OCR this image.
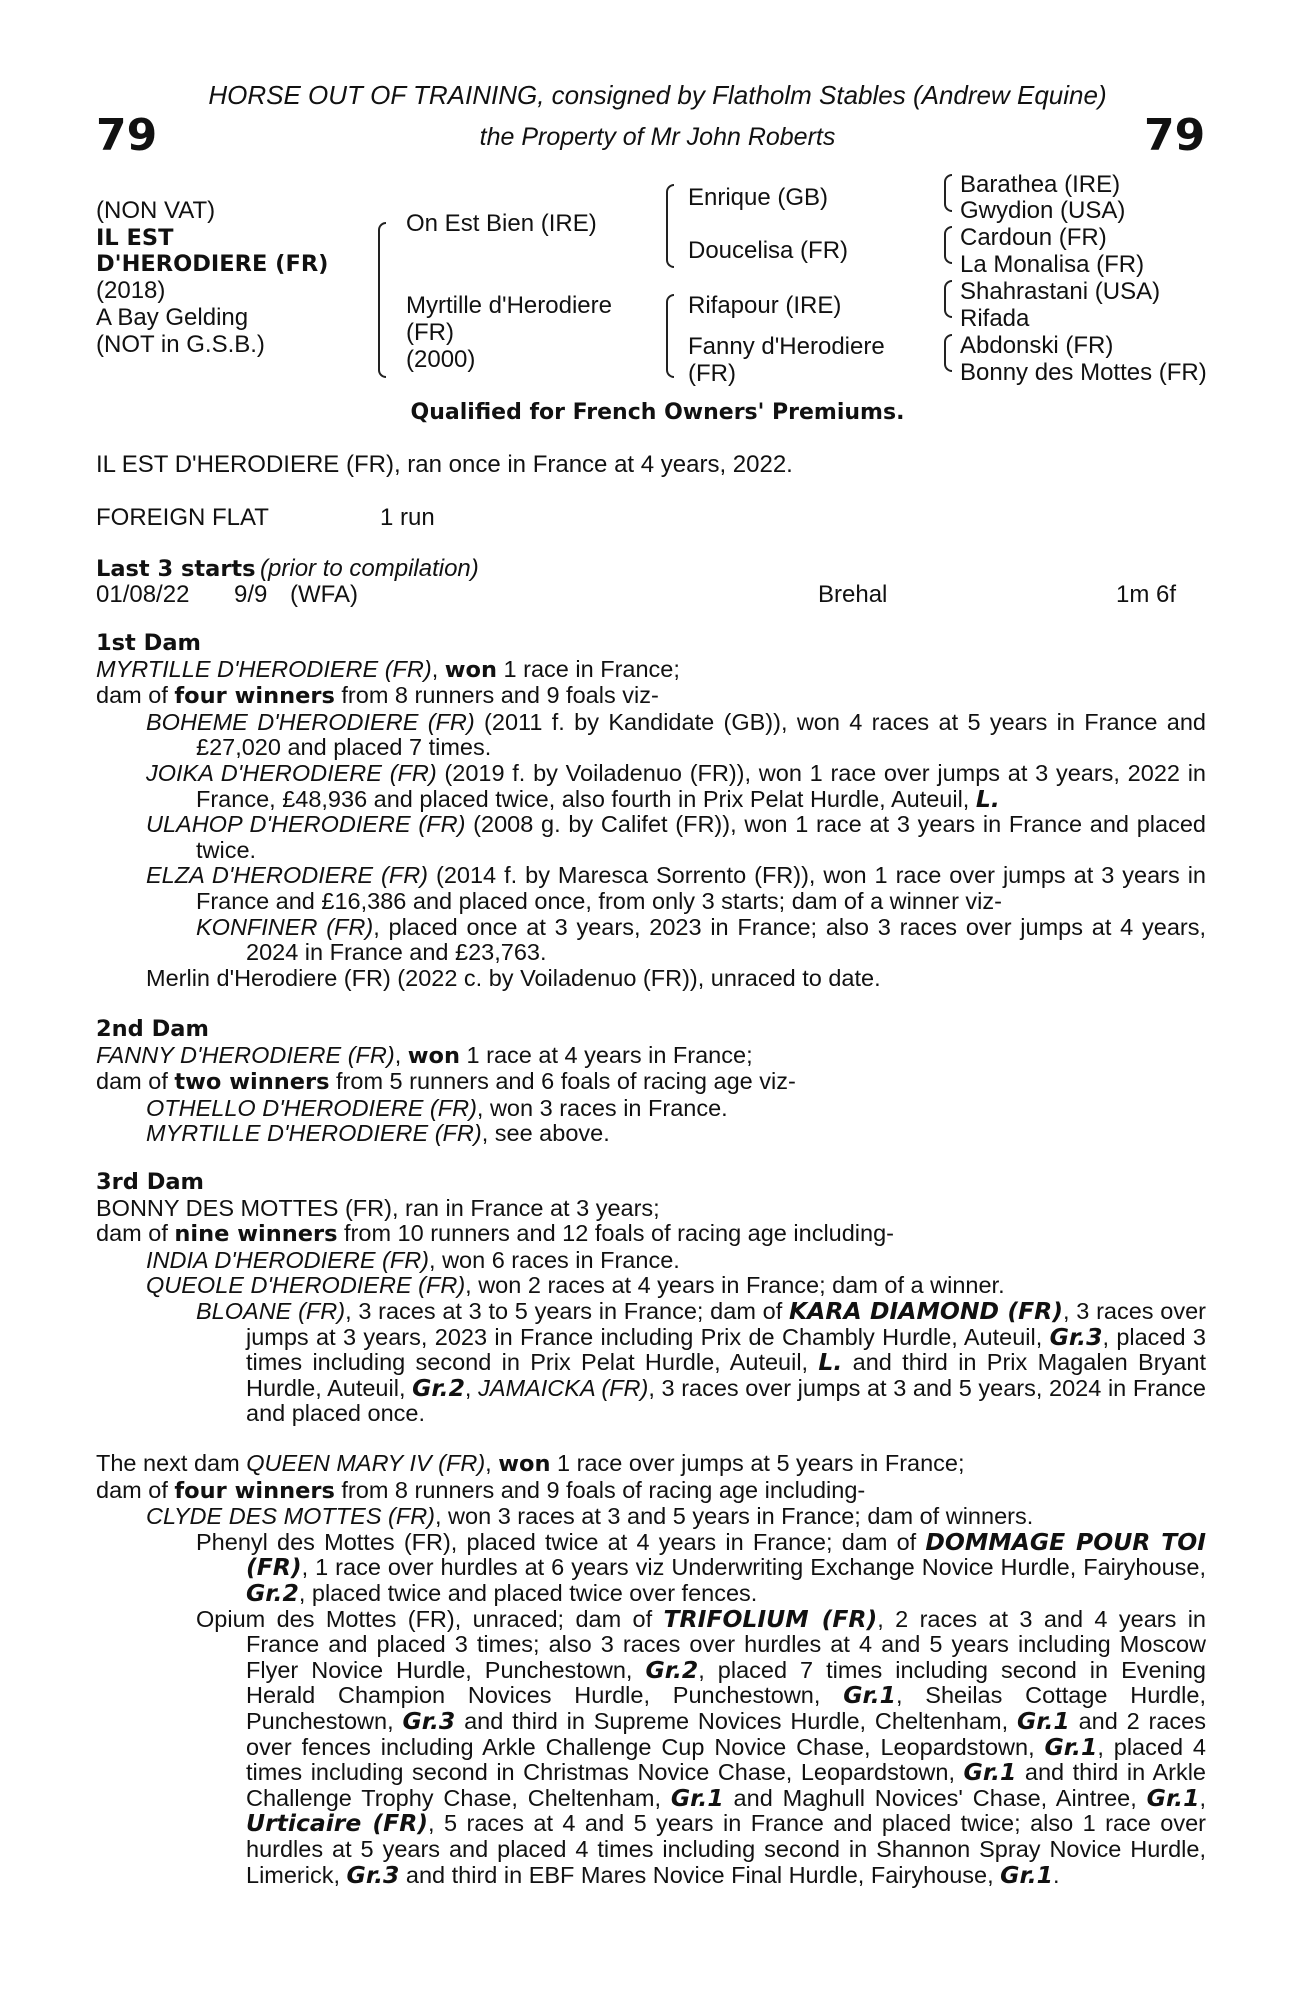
79	79
HORSE OUT OF TRAINING, consigned by Flatholm Stables (Andrew Equine)
the Property of Mr John Roberts
(NON VAT)
IL EST
D'HERODIERE (FR)
(2018)
A Bay Gelding
(NOT in G.S.B.)
On Est Bien (IRE)
Myrtille d'Herodiere
(FR)
(2000)
Enrique (GB)
Doucelisa (FR)
Rifapour (IRE)
Fanny d'Herodiere
(FR)
Barathea (IRE)
Gwydion (USA)
Cardoun (FR)
La Monalisa (FR)
Shahrastani (USA)
Rifada
Abdonski (FR)
Bonny des Mottes (FR)
Qualified for French Owners' Premiums.
IL EST D'HERODIERE (FR), ran once in France at 4 years, 2022.
FOREIGN FLAT	1 run
Last 3 starts (prior to compilation)
01/08/22 9/9 (WFA)	Brehal	1m 6f

1st Dam

MYRTILLE D'HERODIERE (FR), won 1 race in France;

dam of four winners from 8 runners and 9 foals viz-

BOHEME D'HERODIERE (FR) (2011 f. by Kandidate (GB)), won 4 races at 5 years in France and £27,020 and placed 7 times.

JOIKA D'HERODIERE (FR) (2019 f. by Voiladenuo (FR)), won 1 race over jumps at 3 years, 2022 in France, £48,936 and placed twice, also fourth in Prix Pelat Hurdle, Auteuil, L.

ULAHOP D'HERODIERE (FR) (2008 g. by Califet (FR)), won 1 race at 3 years in France and placed twice.

ELZA D'HERODIERE (FR) (2014 f. by Maresca Sorrento (FR)), won 1 race over jumps at 3 years in France and £16,386 and placed once, from only 3 starts; dam of a winner viz-

KONFINER (FR), placed once at 3 years, 2023 in France; also 3 races over jumps at 4 years, 2024 in France and £23,763.

Merlin d'Herodiere (FR) (2022 c. by Voiladenuo (FR)), unraced to date.

2nd Dam

FANNY D'HERODIERE (FR), won 1 race at 4 years in France;

dam of two winners from 5 runners and 6 foals of racing age viz-

OTHELLO D'HERODIERE (FR), won 3 races in France.

MYRTILLE D'HERODIERE (FR), see above.

3rd Dam

BONNY DES MOTTES (FR), ran in France at 3 years;

dam of nine winners from 10 runners and 12 foals of racing age including-

INDIA D'HERODIERE (FR), won 6 races in France.

QUEOLE D'HERODIERE (FR), won 2 races at 4 years in France; dam of a winner.

BLOANE (FR), 3 races at 3 to 5 years in France; dam of KARA DIAMOND (FR), 3 races over jumps at 3 years, 2023 in France including Prix de Chambly Hurdle, Auteuil, Gr.3, placed 3 times including second in Prix Pelat Hurdle, Auteuil, L. and third in Prix Magalen Bryant Hurdle, Auteuil, Gr.2, JAMAICKA (FR), 3 races over jumps at 3 and 5 years, 2024 in France and placed once.

The next dam QUEEN MARY IV (FR), won 1 race over jumps at 5 years in France;

dam of four winners from 8 runners and 9 foals of racing age including-

CLYDE DES MOTTES (FR), won 3 races at 3 and 5 years in France; dam of winners.

Phenyl des Mottes (FR), placed twice at 4 years in France; dam of DOMMAGE POUR TOI (FR), 1 race over hurdles at 6 years viz Underwriting Exchange Novice Hurdle, Fairyhouse, Gr.2, placed twice and placed twice over fences.

Opium des Mottes (FR), unraced; dam of TRIFOLIUM (FR), 2 races at 3 and 4 years in France and placed 3 times; also 3 races over hurdles at 4 and 5 years including Moscow Flyer Novice Hurdle, Punchestown, Gr.2, placed 7 times including second in Evening Herald Champion Novices Hurdle, Punchestown, Gr.1, Sheilas Cottage Hurdle, Punchestown, Gr.3 and third in Supreme Novices Hurdle, Cheltenham, Gr.1 and 2 races over fences including Arkle Challenge Cup Novice Chase, Leopardstown, Gr.1, placed 4 times including second in Christmas Novice Chase, Leopardstown, Gr.1 and third in Arkle Challenge Trophy Chase, Cheltenham, Gr.1 and Maghull Novices' Chase, Aintree, Gr.1, Urticaire (FR), 5 races at 4 and 5 years in France and placed twice; also 1 race over hurdles at 5 years and placed 4 times including second in Shannon Spray Novice Hurdle, Limerick, Gr.3 and third in EBF Mares Novice Final Hurdle, Fairyhouse, Gr.1.
